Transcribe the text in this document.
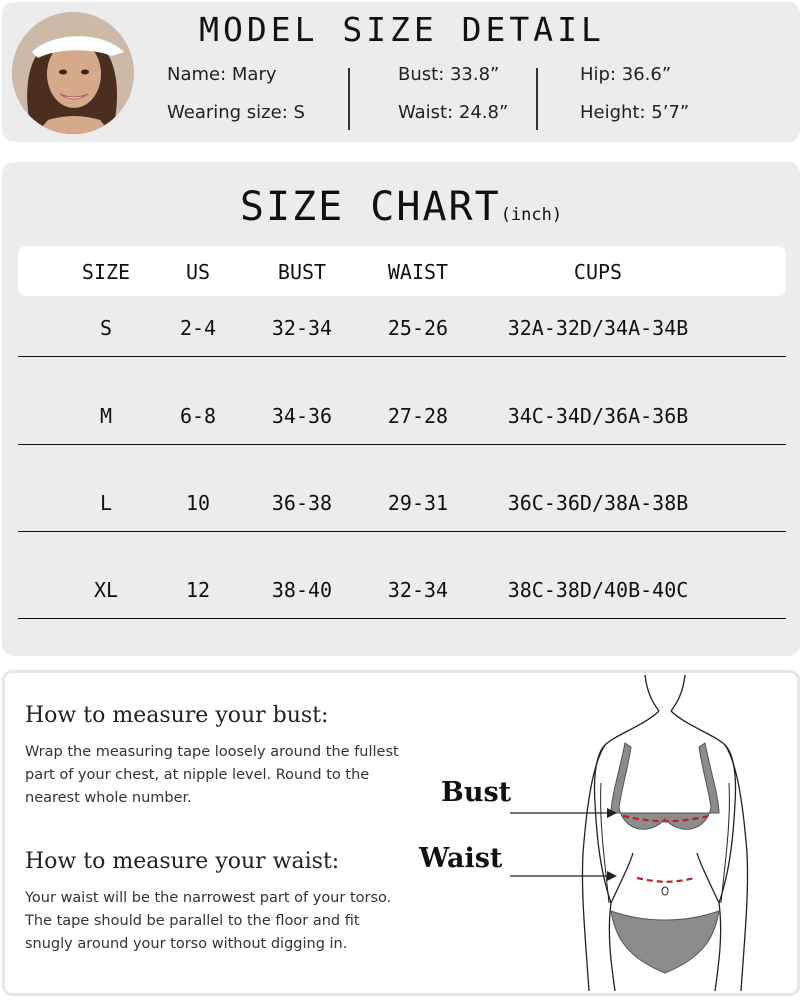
MODEL SIZE DETAIL
Name: Mary
Wearing size: S
Bust: 33.8”
Waist: 24.8”
Hip: 36.6”
Height: 5’7”
SIZE CHART(inch)
SIZE	US	BUST	WAIST	CUPS
S	2-4	32-34	25-26	32A-32D/34A-34B
M	6-8	34-36	27-28	34C-34D/36A-36B
L	10	36-38	29-31	36C-36D/38A-38B
XL	12	38-40	32-34	38C-38D/40B-40C
How to measure your bust:
Wrap the measuring tape loosely around the fullest part of your chest, at nipple level. Round to the nearest whole number.
How to measure your waist:
Your waist will be the narrowest part of your torso. The tape should be parallel to the floor and fit snugly around your torso without digging in.
Bust
Waist
